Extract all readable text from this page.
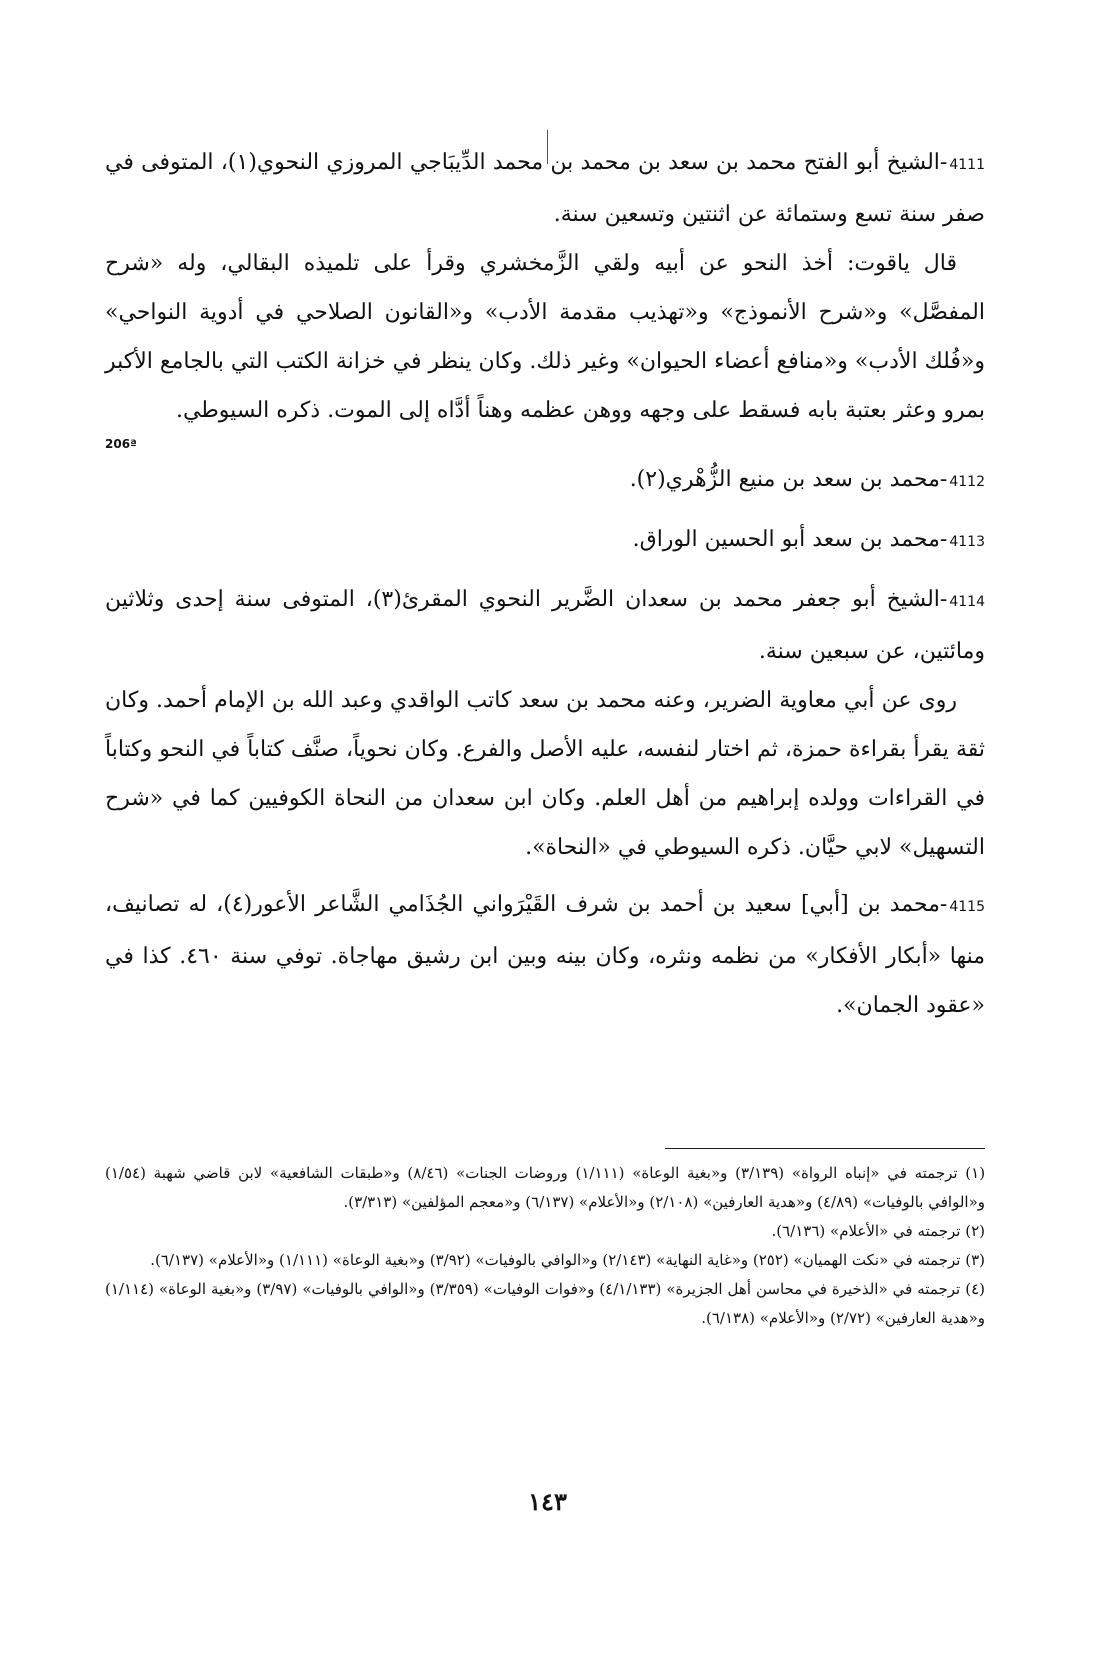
4111-الشيخ أبو الفتح محمد بن سعد بن محمد بن محمد الدِّيبَاجي المروزي النحوي(١)، المتوفى في صفر سنة تسع وستمائة عن اثنتين وتسعين سنة.

قال ياقوت: أخذ النحو عن أبيه ولقي الزَّمخشري وقرأ على تلميذه البقالي، وله «شرح المفصَّل» و«شرح الأنموذج» و«تهذيب مقدمة الأدب» و«القانون الصلاحي في أدوية النواحي» و«فُلك الأدب» و«منافع أعضاء الحيوان» وغير ذلك. وكان ينظر في خزانة الكتب التي بالجامع الأكبر بمرو وعثر بعتبة بابه فسقط على وجهه ووهن عظمه وهناً أدَّاه إلى الموت. ذكره السيوطي.

206ª

4112-محمد بن سعد بن منيع الزُّهْري(٢).

4113-محمد بن سعد أبو الحسين الوراق.

4114-الشيخ أبو جعفر محمد بن سعدان الضَّرير النحوي المقرئ(٣)، المتوفى سنة إحدى وثلاثين ومائتين، عن سبعين سنة.

روى عن أبي معاوية الضرير، وعنه محمد بن سعد كاتب الواقدي وعبد الله بن الإمام أحمد. وكان ثقة يقرأ بقراءة حمزة، ثم اختار لنفسه، عليه الأصل والفرع. وكان نحوياً، صنَّف كتاباً في النحو وكتاباً في القراءات وولده إبراهيم من أهل العلم. وكان ابن سعدان من النحاة الكوفيين كما في «شرح التسهيل» لابي حيَّان. ذكره السيوطي في «النحاة».

4115-محمد بن [أبي] سعيد بن أحمد بن شرف القَيْرَواني الجُذَامي الشَّاعر الأعور(٤)، له تصانيف، منها «أبكار الأفكار» من نظمه ونثره، وكان بينه وبين ابن رشيق مهاجاة. توفي سنة ٤٦٠. كذا في «عقود الجمان».

(١) ترجمته في «إنباه الرواة» (٣/١٣٩) و«بغية الوعاة» (١/١١١) وروضات الجنات» (٨/٤٦) و«طبقات الشافعية» لابن قاضي شهبة (١/٥٤) و«الوافي بالوفيات» (٤/٨٩) و«هدية العارفين» (٢/١٠٨) و«الأعلام» (٦/١٣٧) و«معجم المؤلفين» (٣/٣١٣).

(٢) ترجمته في «الأعلام» (٦/١٣٦).

(٣) ترجمته في «نكت الهميان» (٢٥٢) و«غاية النهاية» (٢/١٤٣) و«الوافي بالوفيات» (٣/٩٢) و«بغية الوعاة» (١/١١١) و«الأعلام» (٦/١٣٧).

(٤) ترجمته في «الذخيرة في محاسن أهل الجزيرة» (٤/١/١٣٣) و«فوات الوفيات» (٣/٣٥٩) و«الوافي بالوفيات» (٣/٩٧) و«بغية الوعاة» (١/١١٤) و«هدية العارفين» (٢/٧٢) و«الأعلام» (٦/١٣٨).

١٤٣
